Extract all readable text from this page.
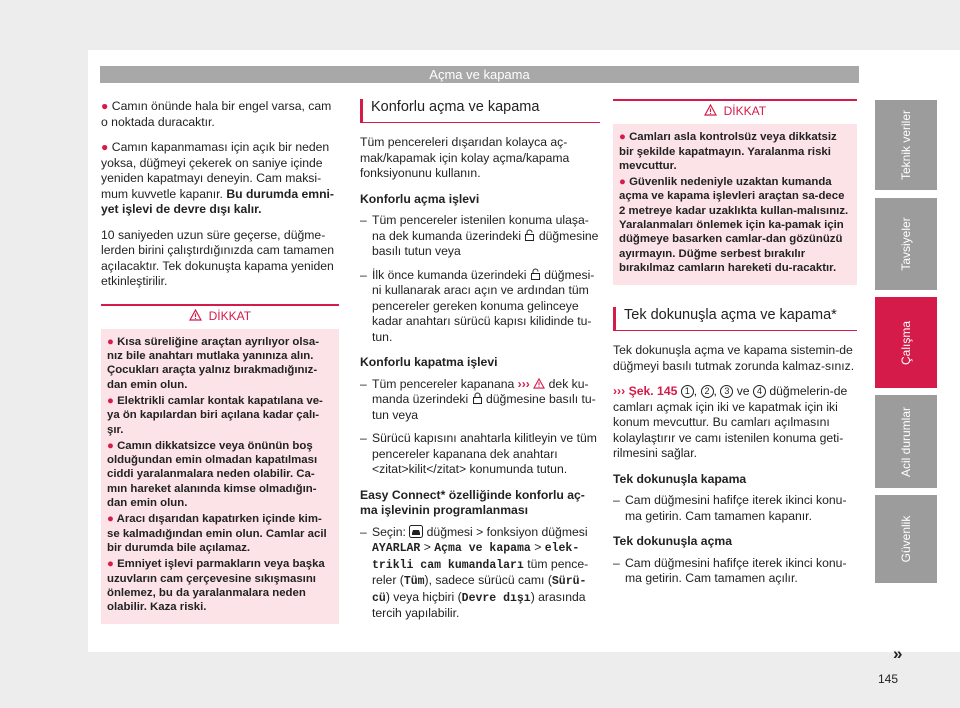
Açma ve kapama

● Camın önünde hala bir engel varsa, cam o noktada duracaktır.

● Camın kapanmaması için açık bir neden yoksa, düğmeyi çekerek on saniye içinde yeniden kapatmayı deneyin. Cam maksi-mum kuvvetle kapanır. Bu durumda emni-yet işlevi de devre dışı kalır.

10 saniyeden uzun süre geçerse, düğme-lerden birini çalıştırdığınızda cam tamamen açılacaktır. Tek dokunuşta kapama yeniden etkinleştirilir.

DİKKAT
● Kısa süreliğine araçtan ayrılıyor olsa-nız bile anahtarı mutlaka yanınıza alın. Çocukları araçta yalnız bırakmadığınız-dan emin olun.
● Elektrikli camlar kontak kapatılana ve-ya ön kapılardan biri açılana kadar çalı-şır.
● Camın dikkatsizce veya önünün boş olduğundan emin olmadan kapatılması ciddi yaralanmalara neden olabilir. Ca-mın hareket alanında kimse olmadığın-dan emin olun.
● Aracı dışarıdan kapatırken içinde kim-se kalmadığından emin olun. Camlar acil bir durumda bile açılamaz.
● Emniyet işlevi parmakların veya başka uzuvların cam çerçevesine sıkışmasını önlemez, bu da yaralanmalara neden olabilir. Kaza riski.
Konforlu açma ve kapama

Tüm pencereleri dışarıdan kolayca aç-mak/kapamak için kolay açma/kapama fonksiyonunu kullanın.

Konforlu açma işlevi
– Tüm pencereler istenilen konuma ulaşa-na dek kumanda üzerindeki  düğmesine basılı tutun veya
– İlk önce kumanda üzerindeki  düğmesi-ni kullanarak aracı açın ve ardından tüm pencereler gereken konuma gelinceye kadar anahtarı sürücü kapısı kilidinde tu-tun.
Konforlu kapatma işlevi
– Tüm pencereler kapanana ›››  dek ku-manda üzerindeki  düğmesine basılı tu-tun veya
– Sürücü kapısını anahtarla kilitleyin ve tüm pencereler kapanana dek anahtarı <zitat>kilit</zitat> konumunda tutun.
Easy Connect* özelliğinde konforlu aç-ma işlevinin programlanması
– Seçin:  düğmesi > fonksiyon düğmesi AYARLAR > Açma ve kapama > elek-trikli cam kumandaları tüm pence-reler (Tüm), sadece sürücü camı (Sürü-cü) veya hiçbiri (Devre dışı) arasında tercih yapılabilir.
DİKKAT
● Camları asla kontrolsüz veya dikkatsiz bir şekilde kapatmayın. Yaralanma riski mevcuttur.
● Güvenlik nedeniyle uzaktan kumanda açma ve kapama işlevleri araçtan sa-dece 2 metreye kadar uzaklıkta kullan-malısınız. Yaralanmaları önlemek için ka-pamak için düğmeye basarken camlar-dan gözünüzü ayırmayın. Düğme serbest bırakılır bırakılmaz camların hareketi du-racaktır.
Tek dokunuşla açma ve kapama*

Tek dokunuşla açma ve kapama sistemin-de düğmeyi basılı tutmak zorunda kalmaz-sınız.

››› Şek. 145 1 , 2 , 3 ve 4 düğmelerin-de camları açmak için iki ve kapatmak için iki konum mevcuttur. Bu camları açılmasını kolaylaştırır ve camı istenilen konuma geti-rilmesini sağlar.

Tek dokunuşla kapama
– Cam düğmesini hafifçe iterek ikinci konu-ma getirin. Cam tamamen kapanır.
Tek dokunuşla açma
– Cam düğmesini hafifçe iterek ikinci konu-ma getirin. Cam tamamen açılır.
Teknik veriler
Tavsiyeler
Çalışma
Acil durumlar
Güvenlik
»
145
